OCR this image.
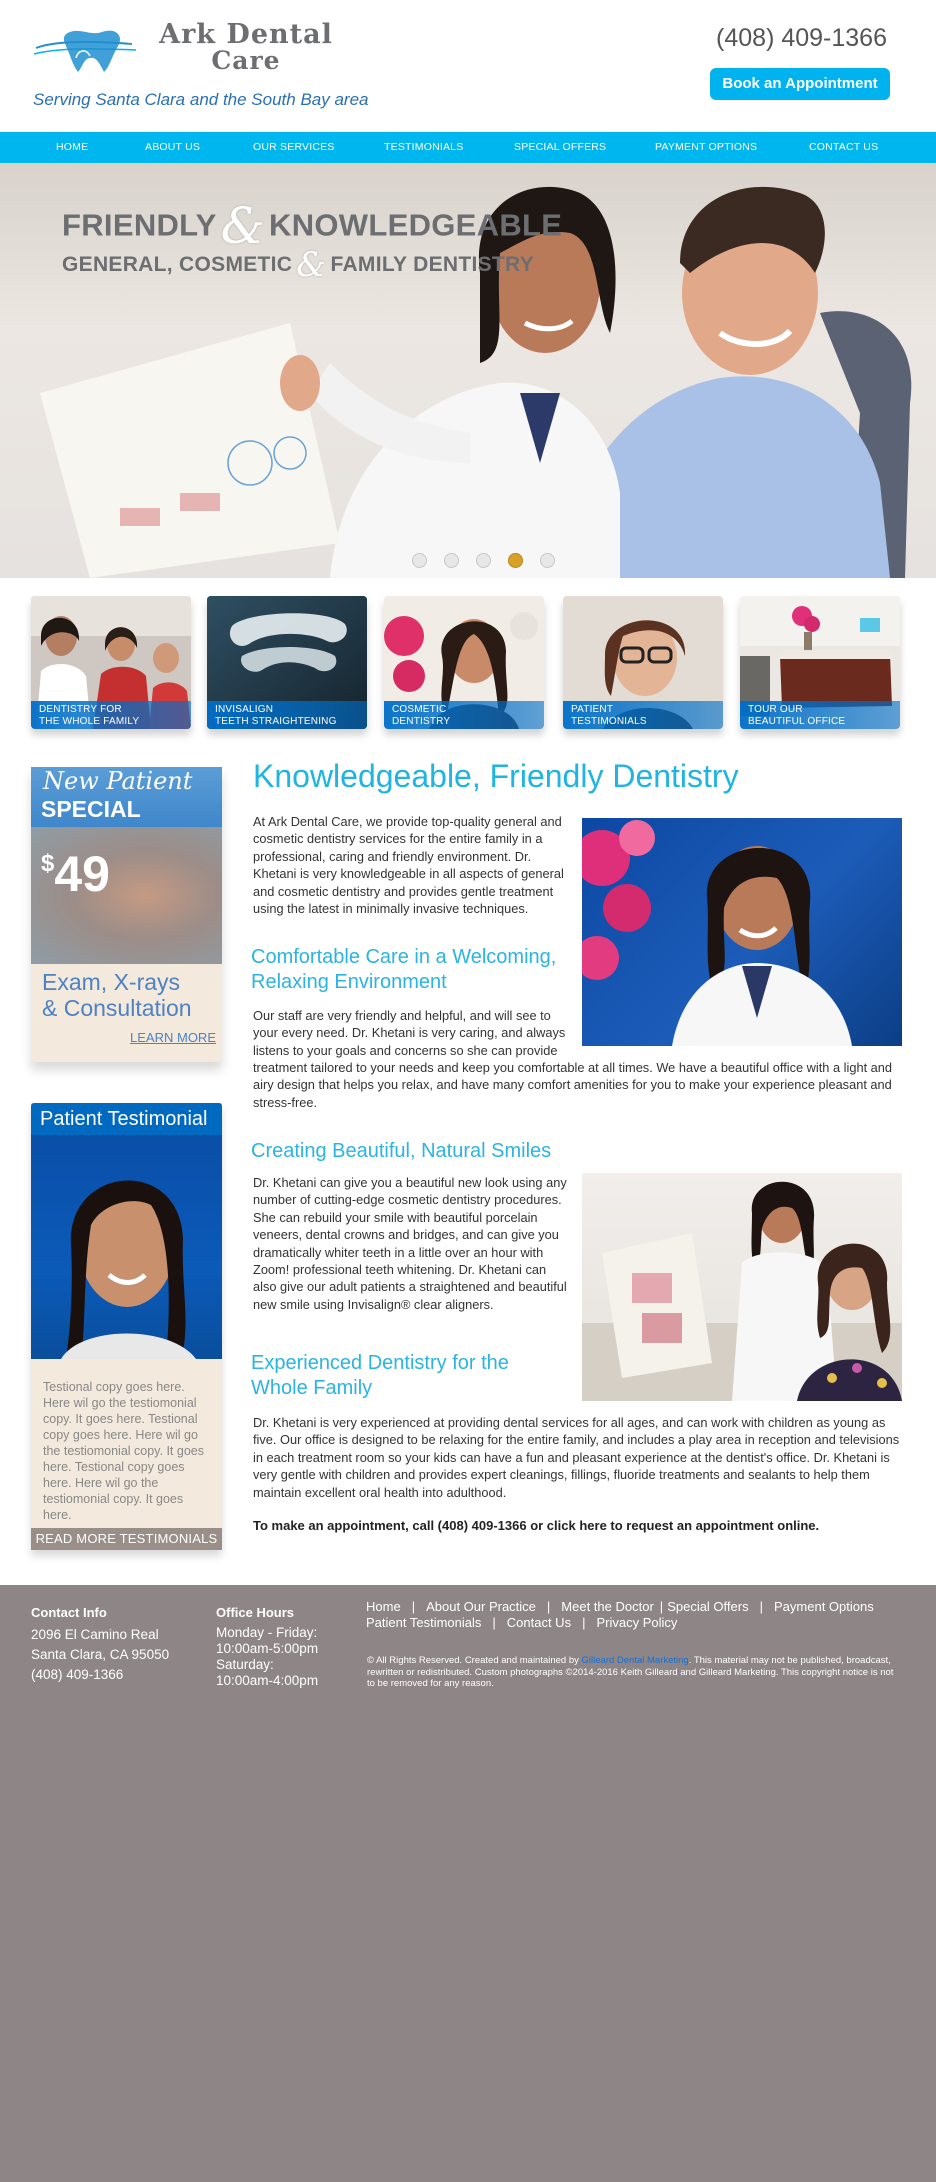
Ark Dental
Care
Serving Santa Clara and the South Bay area
(408) 409-1366
Book an Appointment
HOME	ABOUT US	OUR SERVICES	TESTIMONIALS	SPECIAL OFFERS	PAYMENT OPTIONS	CONTACT US
FRIENDLY& KNOWLEDGEABLE
GENERAL, COSMETIC & FAMILY DENTISTRY
DENTISTRY FOR
THE WHOLE FAMILY
INVISALIGN
TEETH STRAIGHTENING
COSMETIC
DENTISTRY
PATIENT
TESTIMONIALS
TOUR OUR
BEAUTIFUL OFFICE
New Patient
SPECIAL
$49
Exam, X-rays
& Consultation
LEARN MORE
Patient Testimonial
Testional copy goes here. Here wil go the testiomonial copy. It goes here. Testional copy goes here. Here wil go the testiomonial copy. It goes here. Testional copy goes here. Here wil go the testiomonial copy. It goes here.
READ MORE TESTIMONIALS
Knowledgeable, Friendly Dentistry
At Ark Dental Care, we provide top-quality general and cosmetic dentistry services for the entire family in a professional, caring and friendly environment. Dr. Khetani is very knowledgeable in all aspects of general and cosmetic dentistry and provides gentle treatment using the latest in minimally invasive techniques.
Comfortable Care in a Welcoming,
Relaxing Environment
Our staff are very friendly and helpful, and will see to your every need. Dr. Khetani is very caring, and always listens to your goals and concerns so she can provide
treatment tailored to your needs and keep you comfortable at all times. We have a beautiful office with a light and airy design that helps you relax, and have many comfort amenities for you to make your experience pleasant and stress-free.
Creating Beautiful, Natural Smiles
Dr. Khetani can give you a beautiful new look using any number of cutting-edge cosmetic dentistry procedures. She can rebuild your smile with beautiful porcelain veneers, dental crowns and bridges, and can give you dramatically whiter teeth in a little over an hour with Zoom! professional teeth whitening. Dr. Khetani can also give our adult patients a straightened and beautiful new smile using Invisalign® clear aligners.
Experienced Dentistry for the
Whole Family
Dr. Khetani is very experienced at providing dental services for all ages, and can work with children as young as five. Our office is designed to be relaxing for the entire family, and includes a play area in reception and televisions in each treatment room so your kids can have a fun and pleasant experience at the dentist's office. Dr. Khetani is very gentle with children and provides expert cleanings, fillings, fluoride treatments and sealants to help them maintain excellent oral health into adulthood.
To make an appointment, call (408) 409-1366 or click here to request an appointment online.
Contact Info
2096 El Camino Real
Santa Clara, CA 95050
(408) 409-1366
Office Hours
Monday - Friday:
10:00am-5:00pm
Saturday:
10:00am-4:00pm
Home | About Our Practice | Meet the Doctor | Special Offers | Payment Options
Patient Testimonials | Contact Us | Privacy Policy
© All Rights Reserved. Created and maintained by Gilleard Dental Marketing. This material may not be published, broadcast, rewritten or redistributed. Custom photographs ©2014-2016 Keith Gilleard and Gilleard Marketing. This copyright notice is not to be removed for any reason.
